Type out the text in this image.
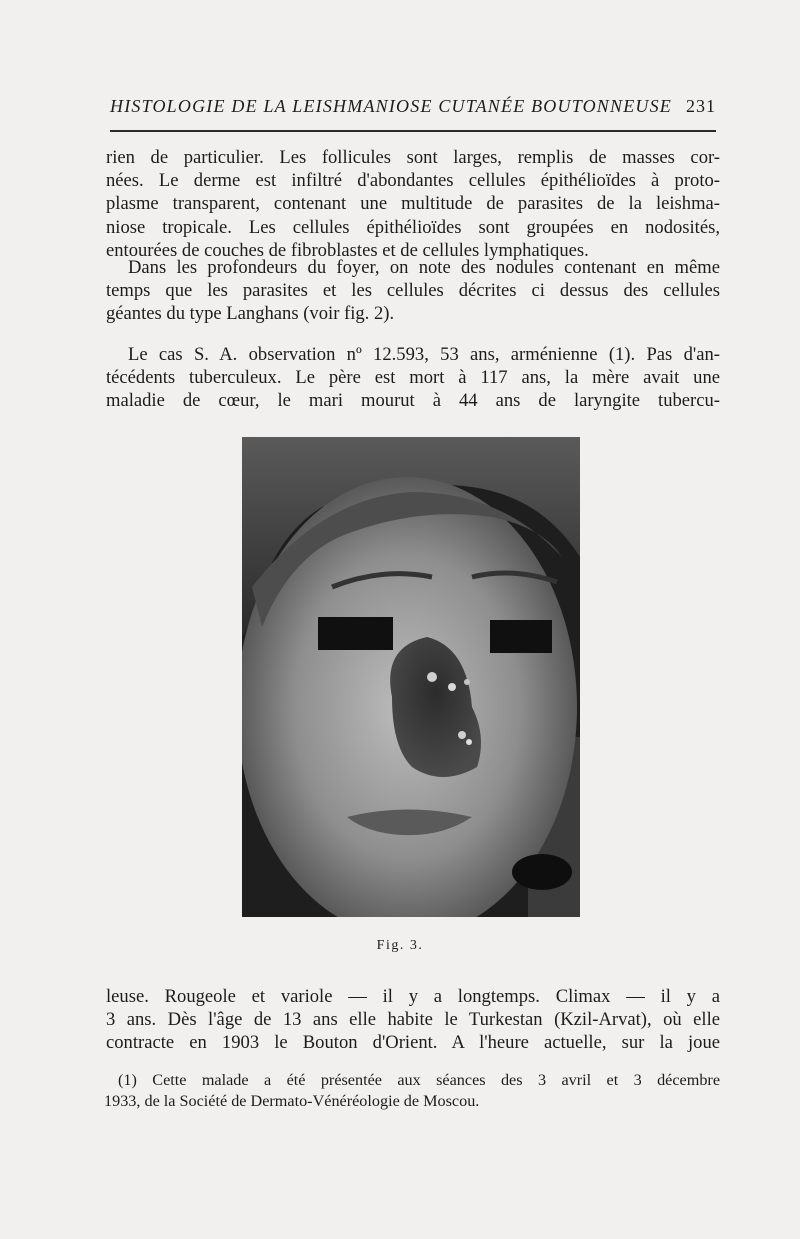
HISTOLOGIE DE LA LEISHMANIOSE CUTANÉE BOUTONNEUSE 231

rien de particulier. Les follicules sont larges, remplis de masses cor-
nées. Le derme est infiltré d'abondantes cellules épithélioïdes à proto-
plasme transparent, contenant une multitude de parasites de la leishma-
niose tropicale. Les cellules épithélioïdes sont groupées en nodosités,
entourées de couches de fibroblastes et de cellules lymphatiques.

Dans les profondeurs du foyer, on note des nodules contenant en même
temps que les parasites et les cellules décrites ci dessus des cellules
géantes du type Langhans (voir fig. 2).

Le cas S. A. observation nº 12.593, 53 ans, arménienne (1). Pas d'an-
técédents tuberculeux. Le père est mort à 117 ans, la mère avait une
maladie de cœur, le mari mourut à 44 ans de laryngite tubercu-

Fig. 3.

leuse. Rougeole et variole — il y a longtemps. Climax — il y a
3 ans. Dès l'âge de 13 ans elle habite le Turkestan (Kzil-Arvat), où elle
contracte en 1903 le Bouton d'Orient. A l'heure actuelle, sur la joue

(1) Cette malade a été présentée aux séances des 3 avril et 3 décembre
1933, de la Société de Dermato-Vénéréologie de Moscou.
